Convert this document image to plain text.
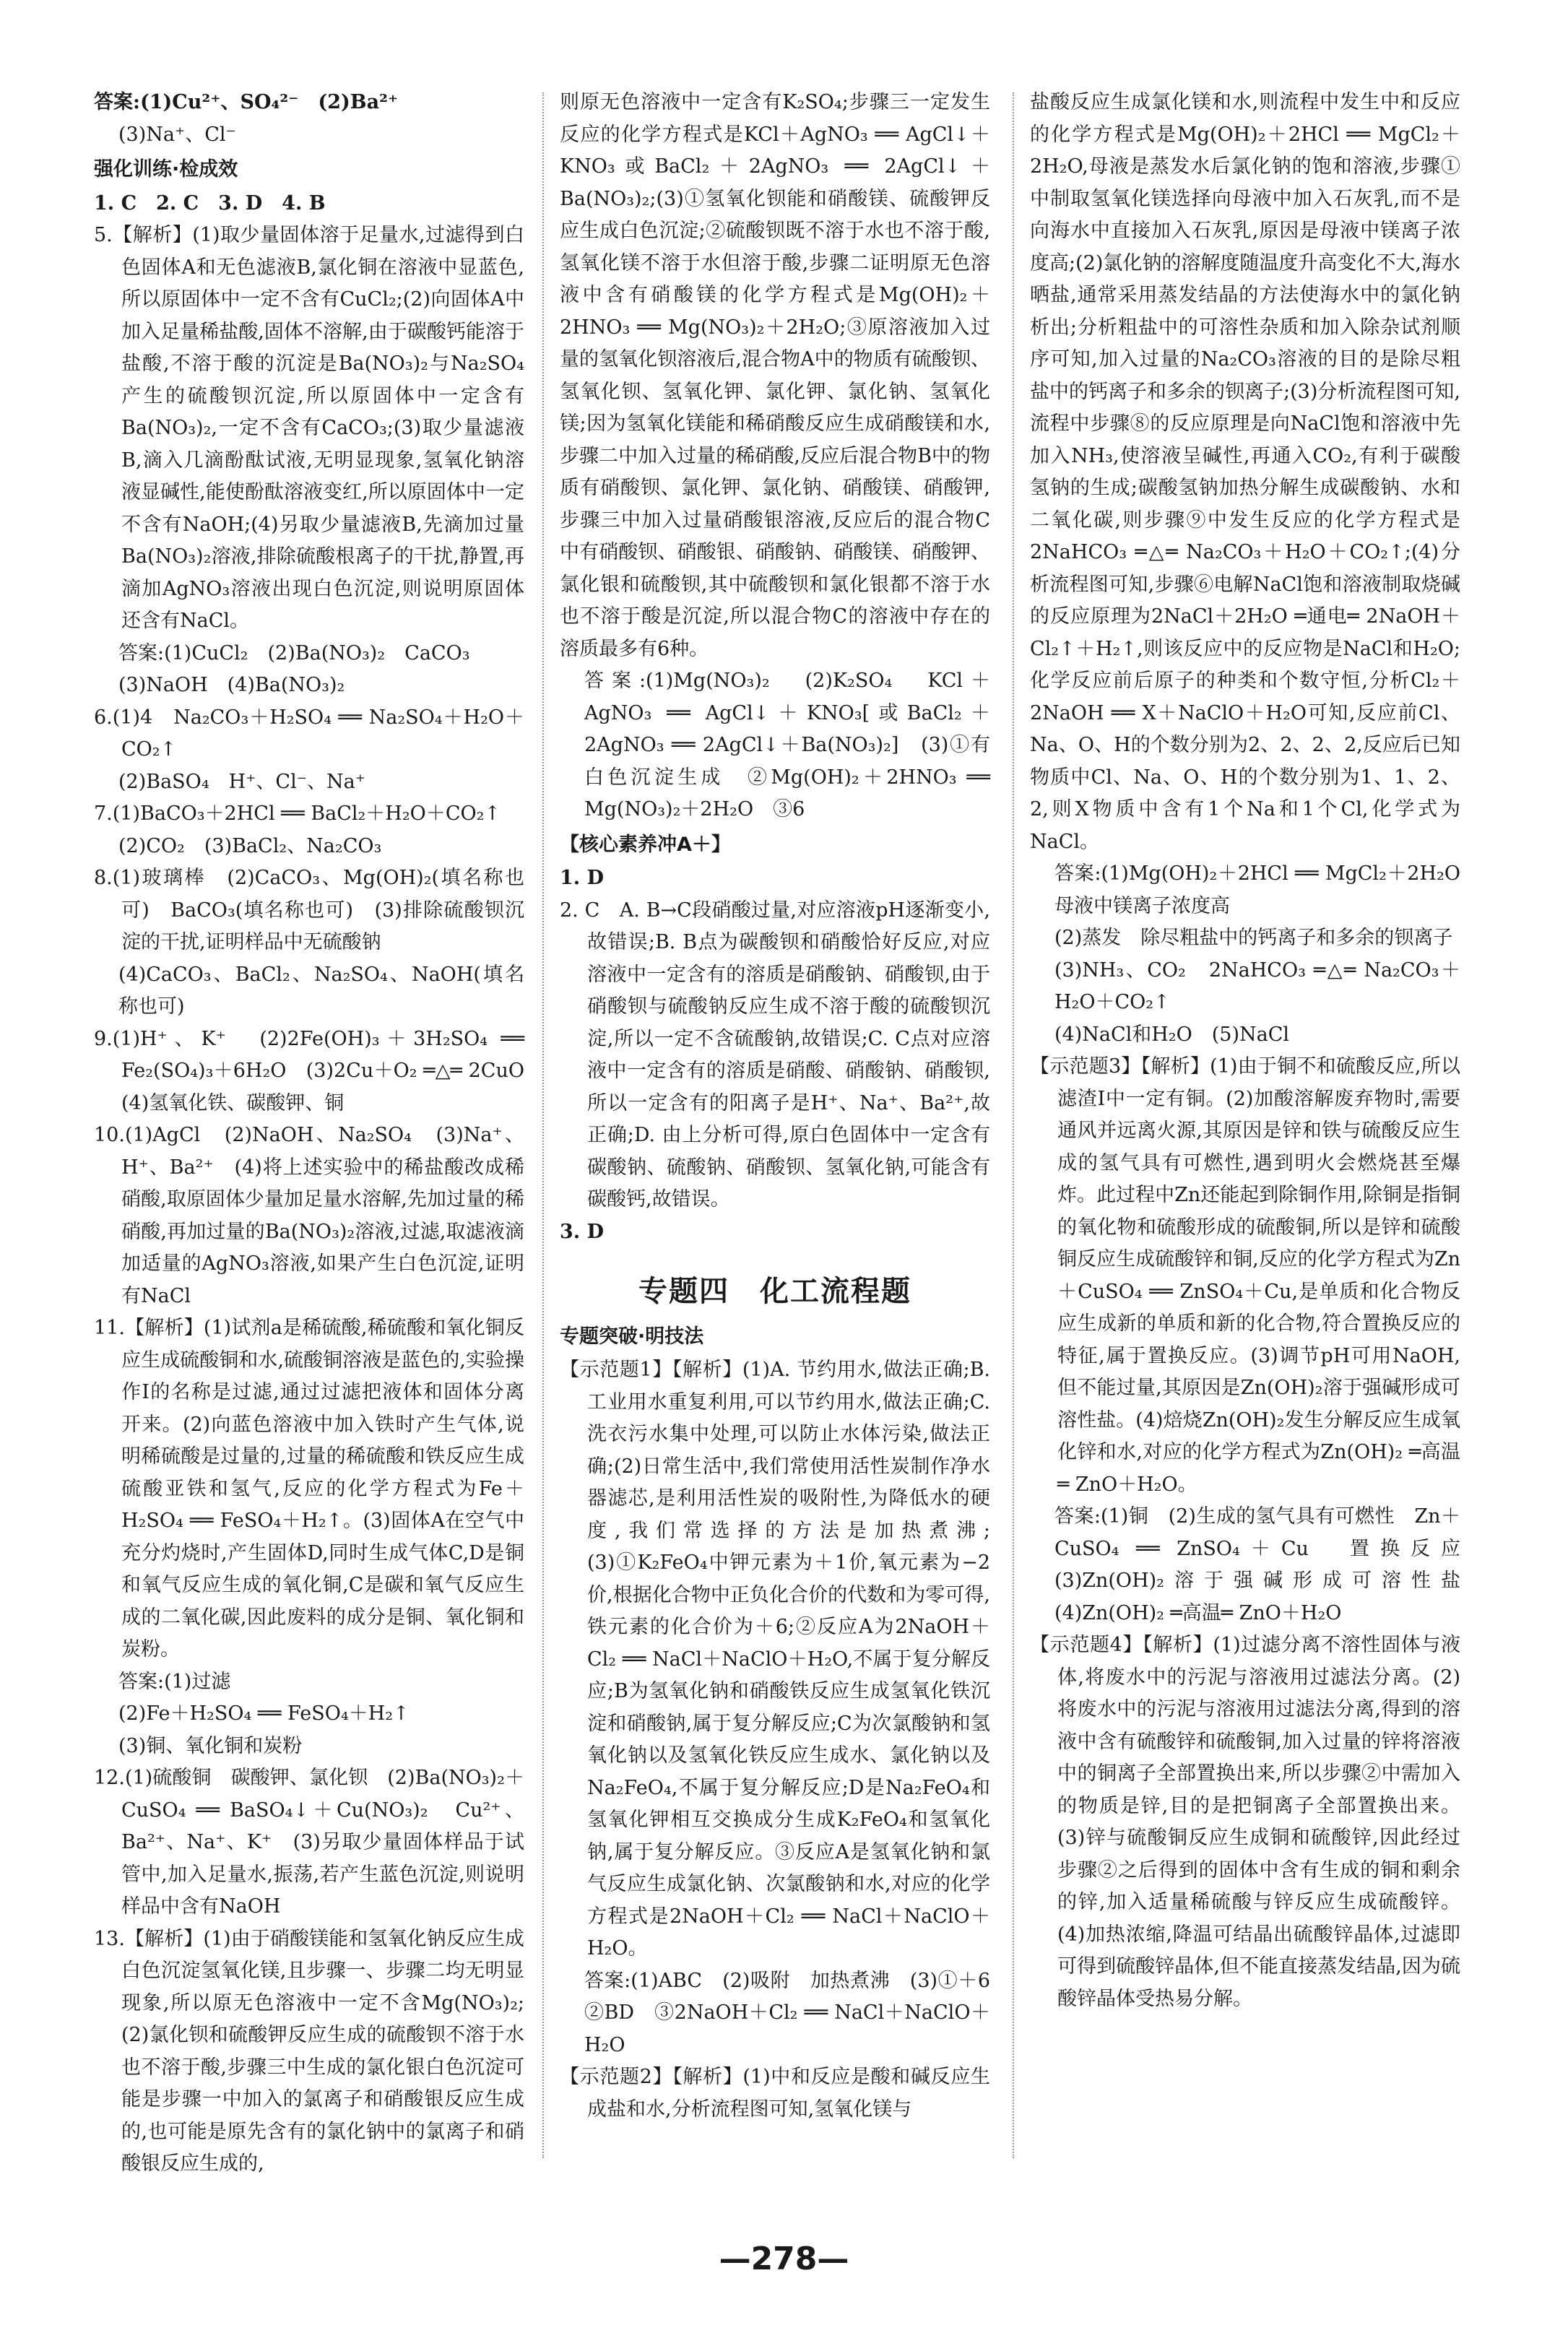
答案:(1)Cu²⁺、SO₄²⁻　(2)Ba²⁺

(3)Na⁺、Cl⁻

强化训练·检成效

1. C　2. C　3. D　4. B

5.【解析】(1)取少量固体溶于足量水,过滤得到白色固体A和无色滤液B,氯化铜在溶液中显蓝色,所以原固体中一定不含有CuCl₂;(2)向固体A中加入足量稀盐酸,固体不溶解,由于碳酸钙能溶于盐酸,不溶于酸的沉淀是Ba(NO₃)₂与Na₂SO₄产生的硫酸钡沉淀,所以原固体中一定含有Ba(NO₃)₂,一定不含有CaCO₃;(3)取少量滤液B,滴入几滴酚酞试液,无明显现象,氢氧化钠溶液显碱性,能使酚酞溶液变红,所以原固体中一定不含有NaOH;(4)另取少量滤液B,先滴加过量Ba(NO₃)₂溶液,排除硫酸根离子的干扰,静置,再滴加AgNO₃溶液出现白色沉淀,则说明原固体还含有NaCl。

答案:(1)CuCl₂　(2)Ba(NO₃)₂　CaCO₃

(3)NaOH　(4)Ba(NO₃)₂

6.(1)4　Na₂CO₃＋H₂SO₄ ══ Na₂SO₄＋H₂O＋CO₂↑

(2)BaSO₄　H⁺、Cl⁻、Na⁺

7.(1)BaCO₃＋2HCl ══ BaCl₂＋H₂O＋CO₂↑

(2)CO₂　(3)BaCl₂、Na₂CO₃

8.(1)玻璃棒　(2)CaCO₃、Mg(OH)₂(填名称也可)　BaCO₃(填名称也可)　(3)排除硫酸钡沉淀的干扰,证明样品中无硫酸钠

(4)CaCO₃、BaCl₂、Na₂SO₄、NaOH(填名称也可)

9.(1)H⁺、K⁺　(2)2Fe(OH)₃＋3H₂SO₄ ══ Fe₂(SO₄)₃＋6H₂O　(3)2Cu＋O₂ ═△═ 2CuO　(4)氢氧化铁、碳酸钾、铜

10.(1)AgCl　(2)NaOH、Na₂SO₄　(3)Na⁺、H⁺、Ba²⁺　(4)将上述实验中的稀盐酸改成稀硝酸,取原固体少量加足量水溶解,先加过量的稀硝酸,再加过量的Ba(NO₃)₂溶液,过滤,取滤液滴加适量的AgNO₃溶液,如果产生白色沉淀,证明有NaCl

11.【解析】(1)试剂a是稀硫酸,稀硫酸和氧化铜反应生成硫酸铜和水,硫酸铜溶液是蓝色的,实验操作Ⅰ的名称是过滤,通过过滤把液体和固体分离开来。(2)向蓝色溶液中加入铁时产生气体,说明稀硫酸是过量的,过量的稀硫酸和铁反应生成硫酸亚铁和氢气,反应的化学方程式为Fe＋H₂SO₄ ══ FeSO₄＋H₂↑。(3)固体A在空气中充分灼烧时,产生固体D,同时生成气体C,D是铜和氧气反应生成的氧化铜,C是碳和氧气反应生成的二氧化碳,因此废料的成分是铜、氧化铜和炭粉。

答案:(1)过滤

(2)Fe＋H₂SO₄ ══ FeSO₄＋H₂↑

(3)铜、氧化铜和炭粉

12.(1)硫酸铜　碳酸钾、氯化钡　(2)Ba(NO₃)₂＋CuSO₄ ══ BaSO₄↓＋Cu(NO₃)₂　Cu²⁺、Ba²⁺、Na⁺、K⁺　(3)另取少量固体样品于试管中,加入足量水,振荡,若产生蓝色沉淀,则说明样品中含有NaOH

13.【解析】(1)由于硝酸镁能和氢氧化钠反应生成白色沉淀氢氧化镁,且步骤一、步骤二均无明显现象,所以原无色溶液中一定不含Mg(NO₃)₂;(2)氯化钡和硫酸钾反应生成的硫酸钡不溶于水也不溶于酸,步骤三中生成的氯化银白色沉淀可能是步骤一中加入的氯离子和硝酸银反应生成的,也可能是原先含有的氯化钠中的氯离子和硝酸银反应生成的,

则原无色溶液中一定含有K₂SO₄;步骤三一定发生反应的化学方程式是KCl＋AgNO₃ ══ AgCl↓＋KNO₃或BaCl₂＋2AgNO₃ ══ 2AgCl↓＋Ba(NO₃)₂;(3)①氢氧化钡能和硝酸镁、硫酸钾反应生成白色沉淀;②硫酸钡既不溶于水也不溶于酸,氢氧化镁不溶于水但溶于酸,步骤二证明原无色溶液中含有硝酸镁的化学方程式是Mg(OH)₂＋2HNO₃ ══ Mg(NO₃)₂＋2H₂O;③原溶液加入过量的氢氧化钡溶液后,混合物A中的物质有硫酸钡、氢氧化钡、氢氧化钾、氯化钾、氯化钠、氢氧化镁;因为氢氧化镁能和稀硝酸反应生成硝酸镁和水,步骤二中加入过量的稀硝酸,反应后混合物B中的物质有硝酸钡、氯化钾、氯化钠、硝酸镁、硝酸钾,步骤三中加入过量硝酸银溶液,反应后的混合物C中有硝酸钡、硝酸银、硝酸钠、硝酸镁、硝酸钾、氯化银和硫酸钡,其中硫酸钡和氯化银都不溶于水也不溶于酸是沉淀,所以混合物C的溶液中存在的溶质最多有6种。

答案:(1)Mg(NO₃)₂　(2)K₂SO₄　KCl＋AgNO₃ ══ AgCl↓＋KNO₃[或BaCl₂＋2AgNO₃ ══ 2AgCl↓＋Ba(NO₃)₂]　(3)①有白色沉淀生成　②Mg(OH)₂＋2HNO₃ ══ Mg(NO₃)₂＋2H₂O　③6

【核心素养冲A＋】

1. D

2. C　A. B→C段硝酸过量,对应溶液pH逐渐变小,故错误;B. B点为碳酸钡和硝酸恰好反应,对应溶液中一定含有的溶质是硝酸钠、硝酸钡,由于硝酸钡与硫酸钠反应生成不溶于酸的硫酸钡沉淀,所以一定不含硫酸钠,故错误;C. C点对应溶液中一定含有的溶质是硝酸、硝酸钠、硝酸钡,所以一定含有的阳离子是H⁺、Na⁺、Ba²⁺,故正确;D. 由上分析可得,原白色固体中一定含有碳酸钠、硫酸钠、硝酸钡、氢氧化钠,可能含有碳酸钙,故错误。

3. D

专题四　化工流程题

专题突破·明技法

【示范题1】【解析】(1)A. 节约用水,做法正确;B. 工业用水重复利用,可以节约用水,做法正确;C. 洗衣污水集中处理,可以防止水体污染,做法正确;(2)日常生活中,我们常使用活性炭制作净水器滤芯,是利用活性炭的吸附性,为降低水的硬度,我们常选择的方法是加热煮沸;(3)①K₂FeO₄中钾元素为＋1价,氧元素为−2价,根据化合物中正负化合价的代数和为零可得,铁元素的化合价为＋6;②反应A为2NaOH＋Cl₂ ══ NaCl＋NaClO＋H₂O,不属于复分解反应;B为氢氧化钠和硝酸铁反应生成氢氧化铁沉淀和硝酸钠,属于复分解反应;C为次氯酸钠和氢氧化钠以及氢氧化铁反应生成水、氯化钠以及Na₂FeO₄,不属于复分解反应;D是Na₂FeO₄和氢氧化钾相互交换成分生成K₂FeO₄和氢氧化钠,属于复分解反应。③反应A是氢氧化钠和氯气反应生成氯化钠、次氯酸钠和水,对应的化学方程式是2NaOH＋Cl₂ ══ NaCl＋NaClO＋H₂O。

答案:(1)ABC　(2)吸附　加热煮沸　(3)①＋6　②BD　③2NaOH＋Cl₂ ══ NaCl＋NaClO＋H₂O

【示范题2】【解析】(1)中和反应是酸和碱反应生成盐和水,分析流程图可知,氢氧化镁与

盐酸反应生成氯化镁和水,则流程中发生中和反应的化学方程式是Mg(OH)₂＋2HCl ══ MgCl₂＋2H₂O,母液是蒸发水后氯化钠的饱和溶液,步骤①中制取氢氧化镁选择向母液中加入石灰乳,而不是向海水中直接加入石灰乳,原因是母液中镁离子浓度高;(2)氯化钠的溶解度随温度升高变化不大,海水晒盐,通常采用蒸发结晶的方法使海水中的氯化钠析出;分析粗盐中的可溶性杂质和加入除杂试剂顺序可知,加入过量的Na₂CO₃溶液的目的是除尽粗盐中的钙离子和多余的钡离子;(3)分析流程图可知,流程中步骤⑧的反应原理是向NaCl饱和溶液中先加入NH₃,使溶液呈碱性,再通入CO₂,有利于碳酸氢钠的生成;碳酸氢钠加热分解生成碳酸钠、水和二氧化碳,则步骤⑨中发生反应的化学方程式是2NaHCO₃ ═△═ Na₂CO₃＋H₂O＋CO₂↑;(4)分析流程图可知,步骤⑥电解NaCl饱和溶液制取烧碱的反应原理为2NaCl＋2H₂O ═通电═ 2NaOH＋Cl₂↑＋H₂↑,则该反应中的反应物是NaCl和H₂O;化学反应前后原子的种类和个数守恒,分析Cl₂＋2NaOH ══ X＋NaClO＋H₂O可知,反应前Cl、Na、O、H的个数分别为2、2、2、2,反应后已知物质中Cl、Na、O、H的个数分别为1、1、2、2,则X物质中含有1个Na和1个Cl,化学式为NaCl。

答案:(1)Mg(OH)₂＋2HCl ══ MgCl₂＋2H₂O　母液中镁离子浓度高

(2)蒸发　除尽粗盐中的钙离子和多余的钡离子

(3)NH₃、CO₂　2NaHCO₃ ═△═ Na₂CO₃＋H₂O＋CO₂↑

(4)NaCl和H₂O　(5)NaCl

【示范题3】【解析】(1)由于铜不和硫酸反应,所以滤渣Ⅰ中一定有铜。(2)加酸溶解废弃物时,需要通风并远离火源,其原因是锌和铁与硫酸反应生成的氢气具有可燃性,遇到明火会燃烧甚至爆炸。此过程中Zn还能起到除铜作用,除铜是指铜的氧化物和硫酸形成的硫酸铜,所以是锌和硫酸铜反应生成硫酸锌和铜,反应的化学方程式为Zn＋CuSO₄ ══ ZnSO₄＋Cu,是单质和化合物反应生成新的单质和新的化合物,符合置换反应的特征,属于置换反应。(3)调节pH可用NaOH,但不能过量,其原因是Zn(OH)₂溶于强碱形成可溶性盐。(4)焙烧Zn(OH)₂发生分解反应生成氧化锌和水,对应的化学方程式为Zn(OH)₂ ═高温═ ZnO＋H₂O。

答案:(1)铜　(2)生成的氢气具有可燃性　Zn＋CuSO₄ ══ ZnSO₄＋Cu　置换反应　(3)Zn(OH)₂溶于强碱形成可溶性盐　(4)Zn(OH)₂ ═高温═ ZnO＋H₂O

【示范题4】【解析】(1)过滤分离不溶性固体与液体,将废水中的污泥与溶液用过滤法分离。(2)将废水中的污泥与溶液用过滤法分离,得到的溶液中含有硫酸锌和硫酸铜,加入过量的锌将溶液中的铜离子全部置换出来,所以步骤②中需加入的物质是锌,目的是把铜离子全部置换出来。(3)锌与硫酸铜反应生成铜和硫酸锌,因此经过步骤②之后得到的固体中含有生成的铜和剩余的锌,加入适量稀硫酸与锌反应生成硫酸锌。(4)加热浓缩,降温可结晶出硫酸锌晶体,过滤即可得到硫酸锌晶体,但不能直接蒸发结晶,因为硫酸锌晶体受热易分解。

—278—
